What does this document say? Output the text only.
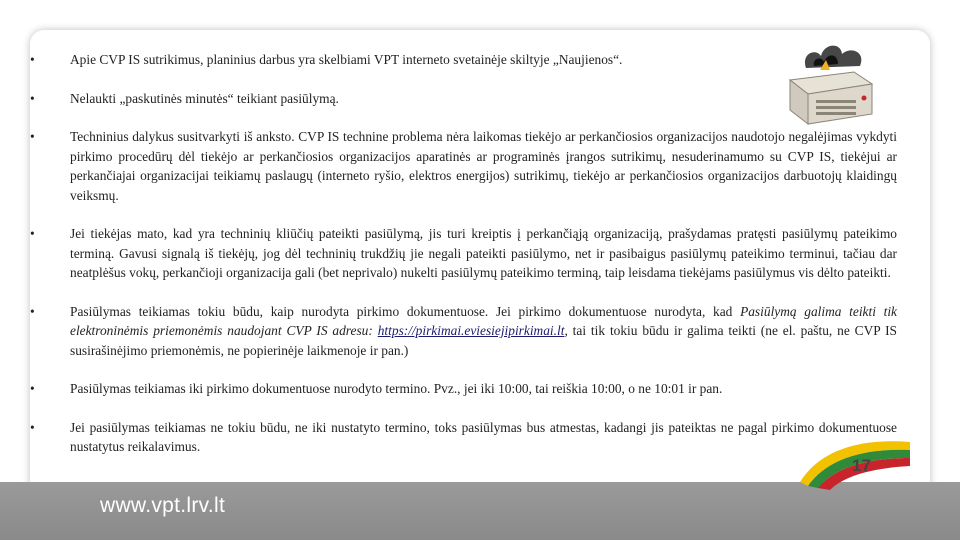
•	Apie CVP IS sutrikimus, planinius darbus yra skelbiami VPT interneto svetainėje skiltyje „Naujienos“.
•	Nelaukti „paskutinės minutės“ teikiant pasiūlymą.
•	Techninius dalykus susitvarkyti iš anksto. CVP IS technine problema nėra laikomas tiekėjo ar perkančiosios organizacijos naudotojo negalėjimas vykdyti pirkimo procedūrų dėl tiekėjo ar perkančiosios organizacijos aparatinės ar programinės įrangos sutrikimų, nesuderinamumo su CVP IS, tiekėjui ar perkančiajai organizacijai teikiamų paslaugų (interneto ryšio, elektros energijos) sutrikimų, tiekėjo ar perkančiosios organizacijos darbuotojų klaidingų veiksmų.
•	Jei tiekėjas mato, kad yra techninių kliūčių pateikti pasiūlymą, jis turi kreiptis į perkančiąją organizaciją, prašydamas pratęsti pasiūlymų pateikimo terminą. Gavusi signalą iš tiekėjų, jog dėl techninių trukdžių jie negali pateikti pasiūlymo, net ir pasibaigus pasiūlymų pateikimo terminui, tačiau dar neatplėšus vokų, perkančioji organizacija gali (bet neprivalo) nukelti pasiūlymų pateikimo terminą, taip leisdama tiekėjams pasiūlymus vis dėlto pateikti.
•	Pasiūlymas teikiamas tokiu būdu, kaip nurodyta pirkimo dokumentuose. Jei pirkimo dokumentuose nurodyta, kad Pasiūlymą galima teikti tik elektroninėmis priemonėmis naudojant CVP IS adresu: https://pirkimai.eviesiejipirkimai.lt, tai tik tokiu būdu ir galima teikti (ne el. paštu, ne CVP IS susirašinėjimo priemonėmis, ne popierinėje laikmenoje ir pan.)
•	Pasiūlymas teikiamas iki pirkimo dokumentuose nurodyto termino. Pvz., jei iki 10:00, tai reiškia 10:00, o ne 10:01 ir pan.
•	Jei pasiūlymas teikiamas ne tokiu būdu, ne iki nustatyto termino, toks pasiūlymas bus atmestas, kadangi jis pateiktas ne pagal pirkimo dokumentuose nustatytus reikalavimus.
www.vpt.lrv.lt
17
